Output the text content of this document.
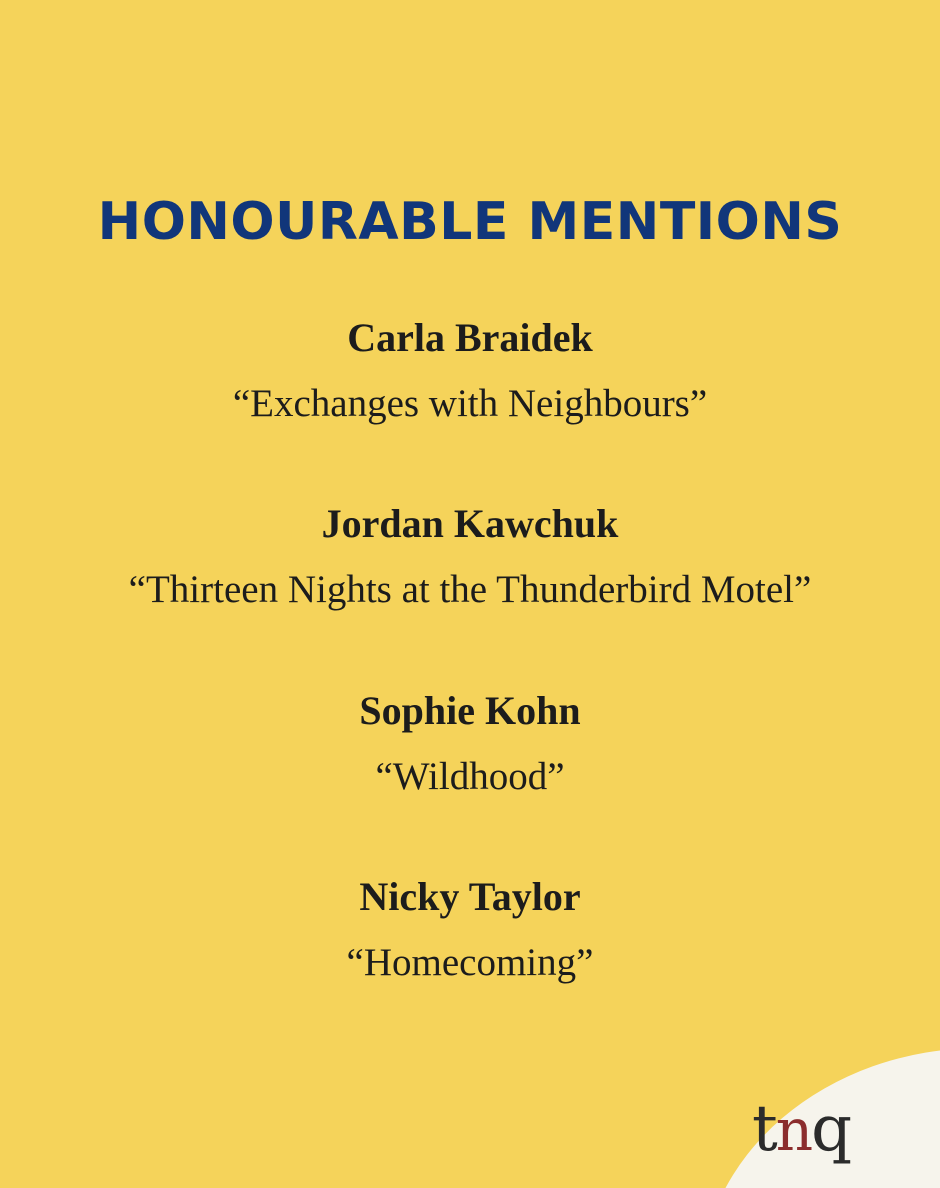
HONOURABLE MENTIONS
Carla Braidek
“Exchanges with Neighbours”
Jordan Kawchuk
“Thirteen Nights at the Thunderbird Motel”
Sophie Kohn
“Wildhood”
Nicky Taylor
“Homecoming”
tnq
